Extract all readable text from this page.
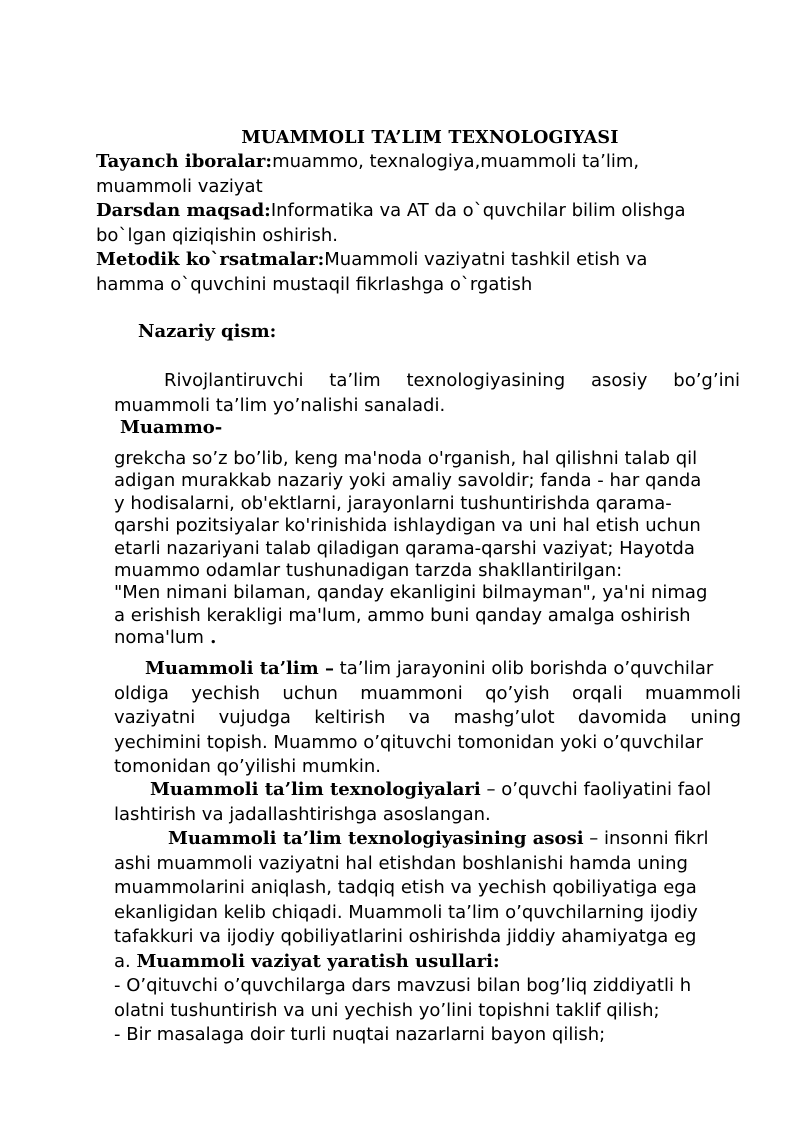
MUAMMOLI TA’LIM TEXNOLOGIYASI
Tayanch iboralar:muammo, texnalogiya,muammoli ta’lim,
muammoli vaziyat
Darsdan maqsad:Informatika va AT da o`quvchilar bilim olishga
bo`lgan qiziqishin oshirish.
Metodik ko`rsatmalar:Muammoli vaziyatni tashkil etish va
hamma o`quvchini mustaqil fikrlashga o`rgatish
Nazariy qism:
Rivojlantiruvchi ta’lim texnologiyasining asosiy bo’g’ini
muammoli ta’lim yo’nalishi sanaladi.
Muammo-
grekcha so’z bo’lib, keng ma'noda o'rganish, hal qilishni talab qil
adigan murakkab nazariy yoki amaliy savoldir; fanda - har qanda
y hodisalarni, ob'ektlarni, jarayonlarni tushuntirishda qarama-
qarshi pozitsiyalar ko'rinishida ishlaydigan va uni hal etish uchun
etarli nazariyani talab qiladigan qarama-qarshi vaziyat; Hayotda
muammo odamlar tushunadigan tarzda shakllantirilgan:
"Men nimani bilaman, qanday ekanligini bilmayman", ya'ni nimag
a erishish kerakligi ma'lum, ammo buni qanday amalga oshirish
noma'lum .
Muammoli ta’lim – ta’lim jarayonini olib borishda o’quvchilar
oldiga yechish uchun muammoni qo’yish orqali muammoli
vaziyatni vujudga keltirish va mashg’ulot davomida uning
yechimini topish. Muammo o’qituvchi tomonidan yoki o’quvchilar
tomonidan qo’yilishi mumkin.
Muammoli ta’lim texnologiyalari – o’quvchi faoliyatini faol
lashtirish va jadallashtirishga asoslangan.
Muammoli ta’lim texnologiyasining asosi – insonni fikrl
ashi muammoli vaziyatni hal etishdan boshlanishi hamda uning
muammolarini aniqlash, tadqiq etish va yechish qobiliyatiga ega
ekanligidan kelib chiqadi. Muammoli ta’lim o’quvchilarning ijodiy
tafakkuri va ijodiy qobiliyatlarini oshirishda jiddiy ahamiyatga eg
a. Muammoli vaziyat yaratish usullari:
- O’qituvchi o’quvchilarga dars mavzusi bilan bog’liq ziddiyatli h
olatni tushuntirish va uni yechish yo’lini topishni taklif qilish;
- Bir masalaga doir turli nuqtai nazarlarni bayon qilish;
